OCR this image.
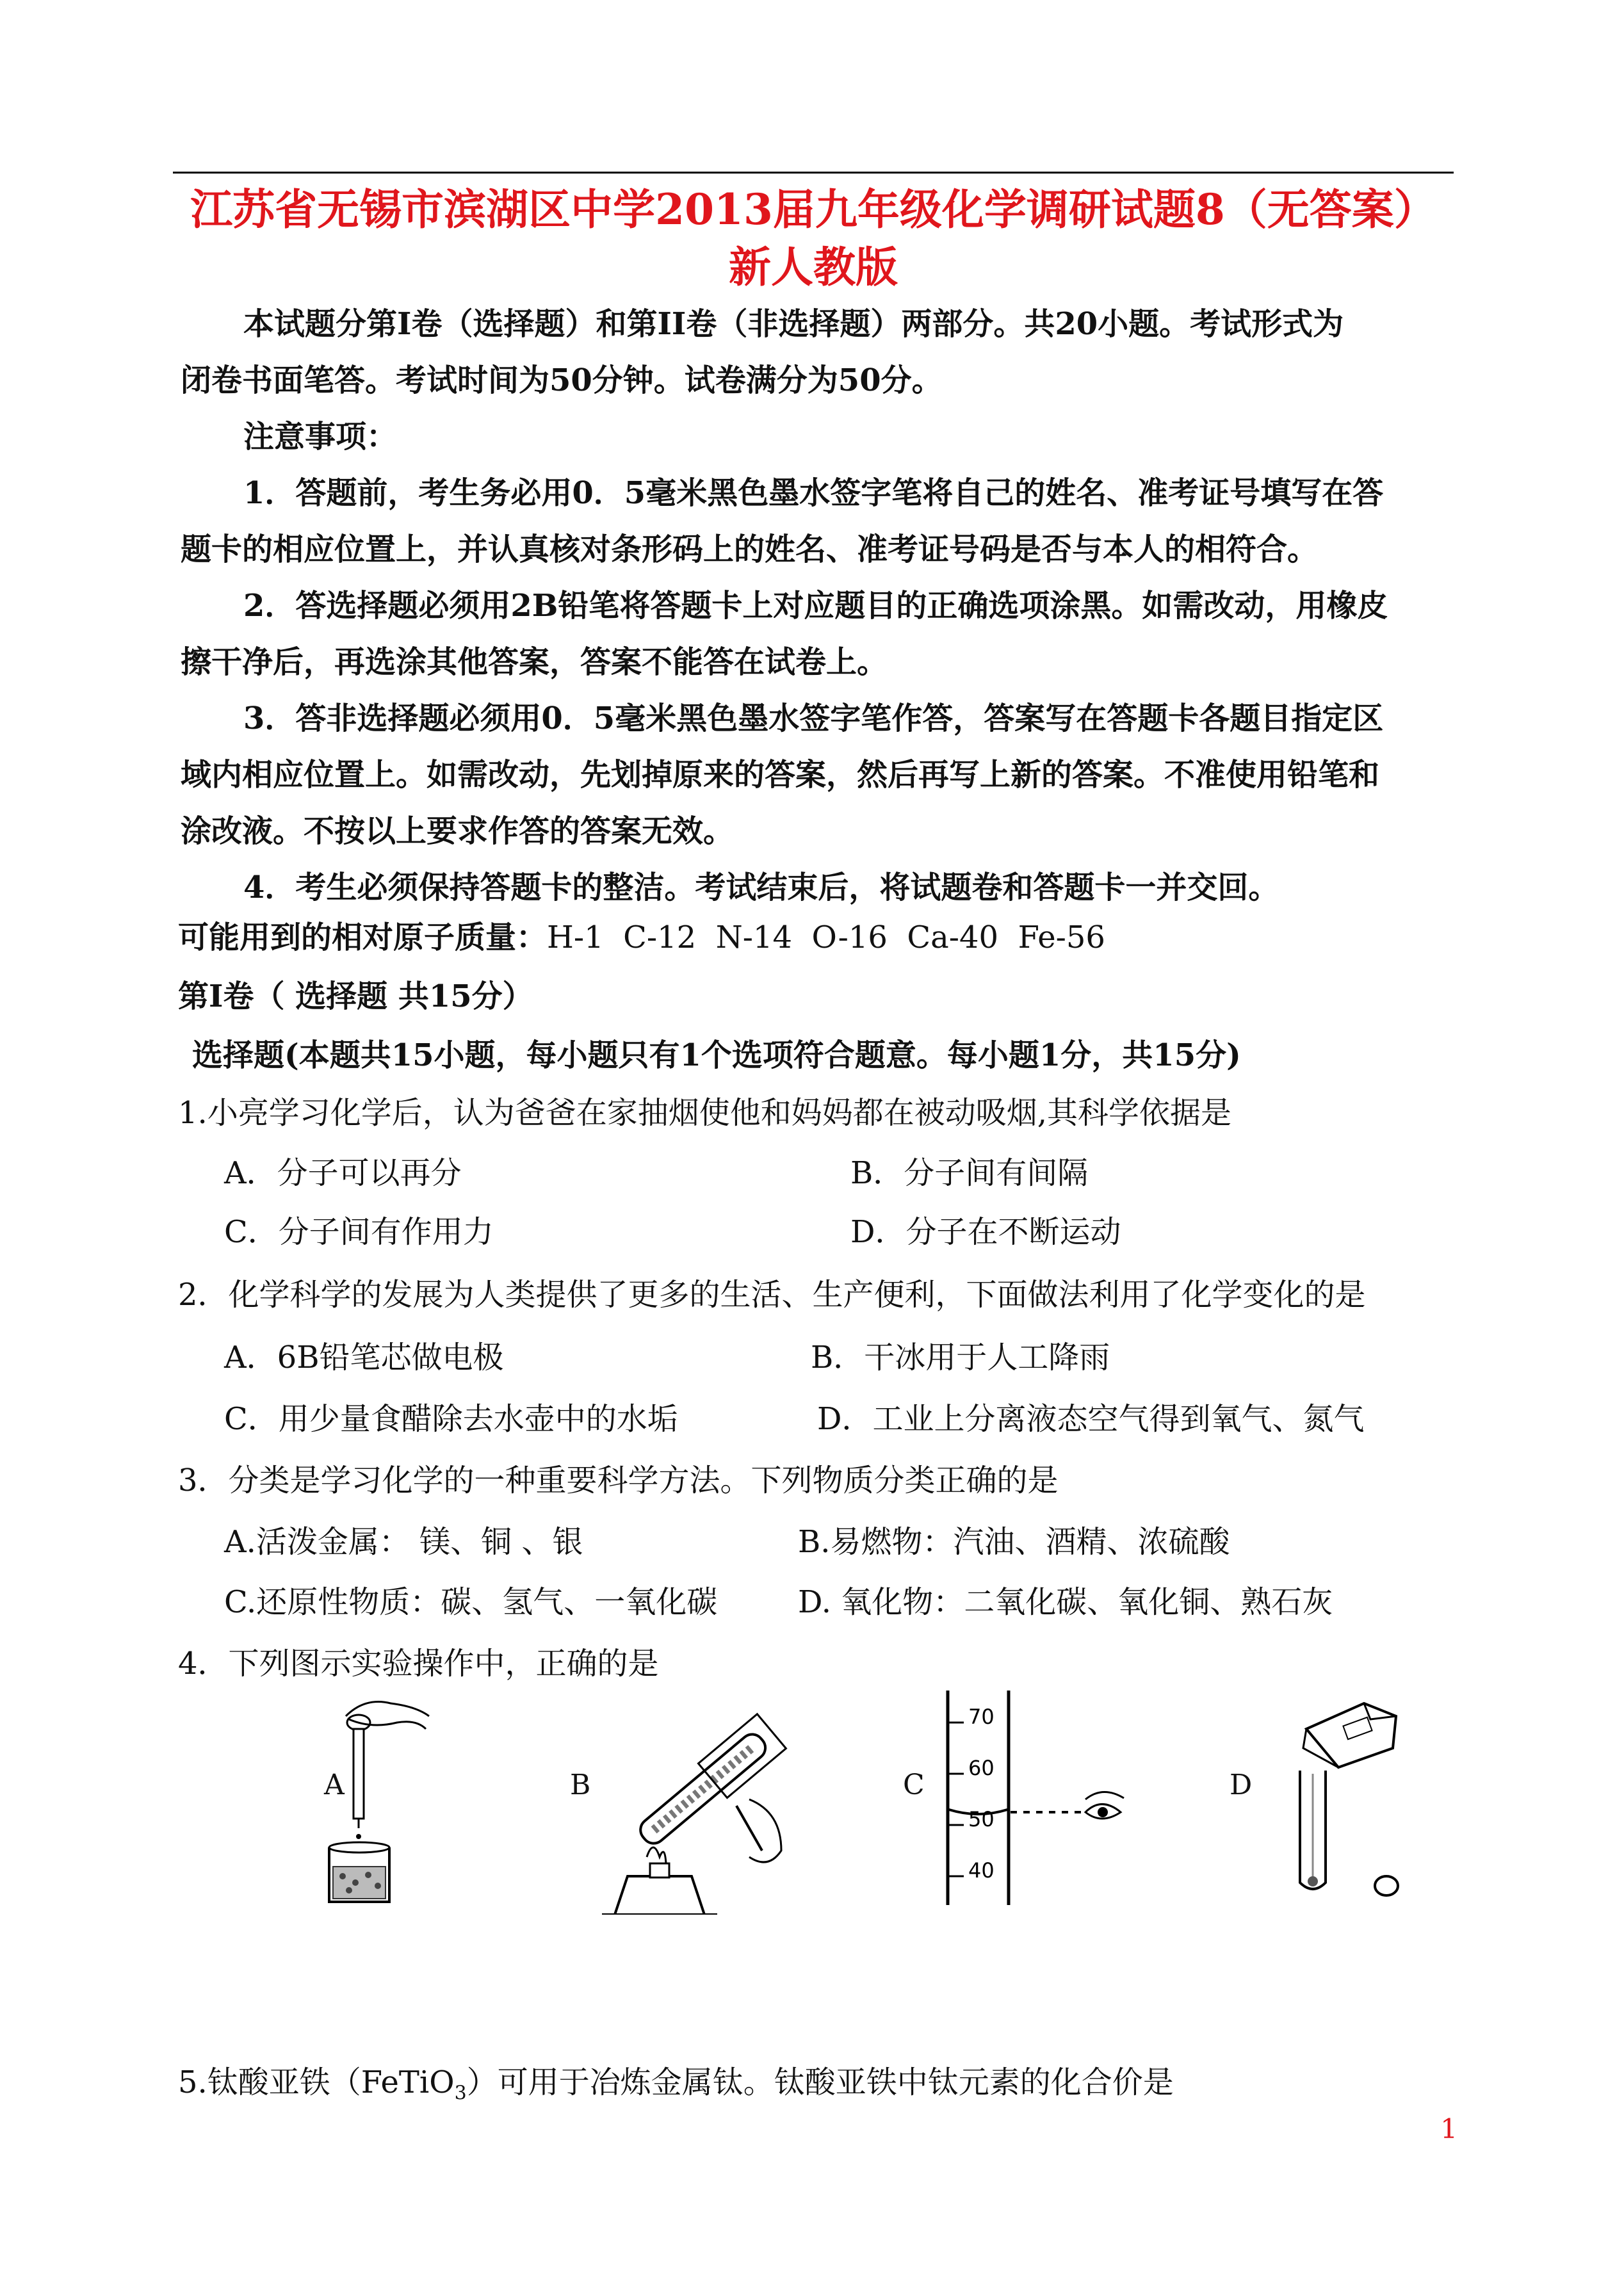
江苏省无锡市滨湖区中学2013届九年级化学调研试题8（无答案）
新人教版
本试题分第Ⅰ卷（选择题）和第II卷（非选择题）两部分。共20小题。考试形式为
闭卷书面笔答。考试时间为50分钟。试卷满分为50分。
注意事项：
1．答题前，考生务必用0．5毫米黑色墨水签字笔将自己的姓名、准考证号填写在答
题卡的相应位置上，并认真核对条形码上的姓名、准考证号码是否与本人的相符合。
2．答选择题必须用2B铅笔将答题卡上对应题目的正确选项涂黑。如需改动，用橡皮
擦干净后，再选涂其他答案，答案不能答在试卷上。
3．答非选择题必须用0．5毫米黑色墨水签字笔作答，答案写在答题卡各题目指定区
域内相应位置上。如需改动，先划掉原来的答案，然后再写上新的答案。不准使用铅笔和
涂改液。不按以上要求作答的答案无效。
4．考生必须保持答题卡的整洁。考试结束后，将试题卷和答题卡一并交回。
可能用到的相对原子质量：H-1  C-12  N-14  O-16  Ca-40  Fe-56
第Ⅰ卷（ 选择题 共15分）
选择题(本题共15小题，每小题只有1个选项符合题意。每小题1分，共15分)
1.小亮学习化学后，认为爸爸在家抽烟使他和妈妈都在被动吸烟,其科学依据是
A．分子可以再分	B．分子间有间隔
C．分子间有作用力	D．分子在不断运动
2．化学科学的发展为人类提供了更多的生活、生产便利，下面做法利用了化学变化的是
A．6B铅笔芯做电极	B．干冰用于人工降雨
C．用少量食醋除去水壶中的水垢	D．工业上分离液态空气得到氧气、氮气
3．分类是学习化学的一种重要科学方法。下列物质分类正确的是
A.活泼金属： 镁、铜 、银	B.易燃物：汽油、酒精、浓硫酸
C.还原性物质：碳、氢气、一氧化碳	D. 氧化物：二氧化碳、氧化铜、熟石灰
4．下列图示实验操作中，正确的是
A	B	C
70
60
50
40
D
5.钛酸亚铁（FeTiO$_3$）可用于冶炼金属钛。钛酸亚铁中钛元素的化合价是
1
